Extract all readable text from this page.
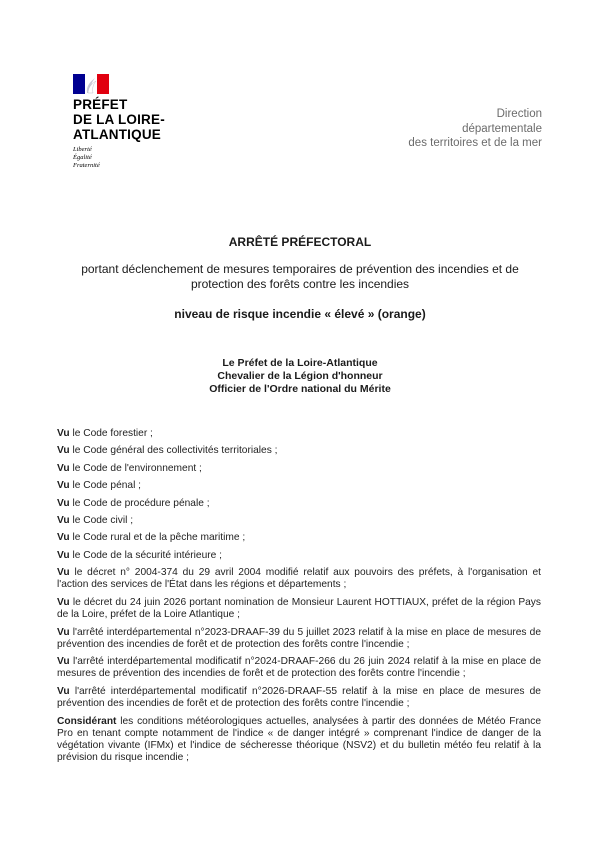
PRÉFET
DE LA LOIRE-
ATLANTIQUE
Liberté
Égalité
Fraternité
Direction
départementale
des territoires et de la mer
ARRÊTÉ PRÉFECTORAL
portant déclenchement de mesures temporaires de prévention des incendies et de protection des forêts contre les incendies
niveau de risque incendie « élevé » (orange)
Le Préfet de la Loire-Atlantique
Chevalier de la Légion d'honneur
Officier de l'Ordre national du Mérite
Vu le Code forestier ;
Vu le Code général des collectivités territoriales ;
Vu le Code de l'environnement ;
Vu le Code pénal ;
Vu le Code de procédure pénale ;
Vu le Code civil ;
Vu le Code rural et de la pêche maritime ;
Vu le Code de la sécurité intérieure ;
Vu le décret n° 2004-374 du 29 avril 2004 modifié relatif aux pouvoirs des préfets, à l'organisation et l'action des services de l'État dans les régions et départements ;
Vu le décret du 24 juin 2026 portant nomination de Monsieur Laurent HOTTIAUX, préfet de la région Pays de la Loire, préfet de la Loire Atlantique ;
Vu l'arrêté interdépartemental n°2023-DRAAF-39 du 5 juillet 2023 relatif à la mise en place de mesures de prévention des incendies de forêt et de protection des forêts contre l'incendie ;
Vu l'arrêté interdépartemental modificatif n°2024-DRAAF-266 du 26 juin 2024 relatif à la mise en place de mesures de prévention des incendies de forêt et de protection des forêts contre l'incendie ;
Vu l'arrêté interdépartemental modificatif n°2026-DRAAF-55 relatif à la mise en place de mesures de prévention des incendies de forêt et de protection des forêts contre l'incendie ;
Considérant les conditions météorologiques actuelles, analysées à partir des données de Météo France Pro en tenant compte notamment de l'indice « de danger intégré » comprenant l'indice de danger de la végétation vivante (IFMx) et l'indice de sécheresse théorique (NSV2) et du bulletin météo feu relatif à la prévision du risque incendie ;
